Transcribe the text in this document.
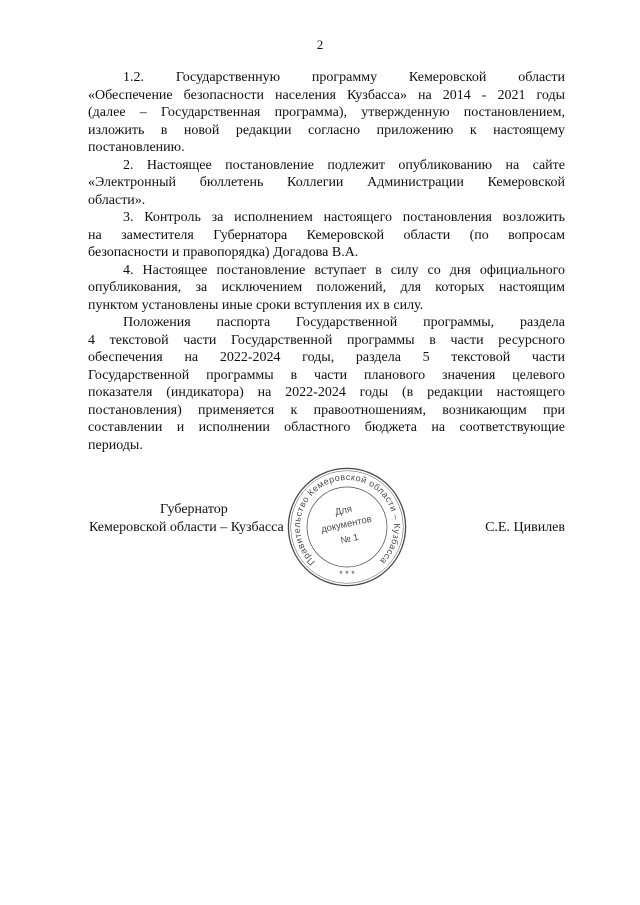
2
1.2. Государственную программу Кемеровской области
«Обеспечение безопасности населения Кузбасса» на 2014 - 2021 годы
(далее – Государственная программа), утвержденную постановлением,
изложить в новой редакции согласно приложению к настоящему
постановлению.
2. Настоящее постановление подлежит опубликованию на сайте
«Электронный бюллетень Коллегии Администрации Кемеровской
области».
3. Контроль за исполнением настоящего постановления возложить
на заместителя Губернатора Кемеровской области (по вопросам
безопасности и правопорядка) Догадова В.А.
4. Настоящее постановление вступает в силу со дня официального
опубликования, за исключением положений, для которых настоящим
пунктом установлены иные сроки вступления их в силу.
Положения паспорта Государственной программы, раздела
4 текстовой части Государственной программы в части ресурсного
обеспечения на 2022-2024 годы, раздела 5 текстовой части
Государственной программы в части планового значения целевого
показателя (индикатора) на 2022-2024 годы (в редакции настоящего
постановления) применяется к правоотношениям, возникающим при
составлении и исполнении областного бюджета на соответствующие
периоды.
Губернатор
Кемеровской области – Кузбасса	С.Е. Цивилев
Правительство Кемеровской области – Кузбасса
* * *
Для
документов
№ 1
